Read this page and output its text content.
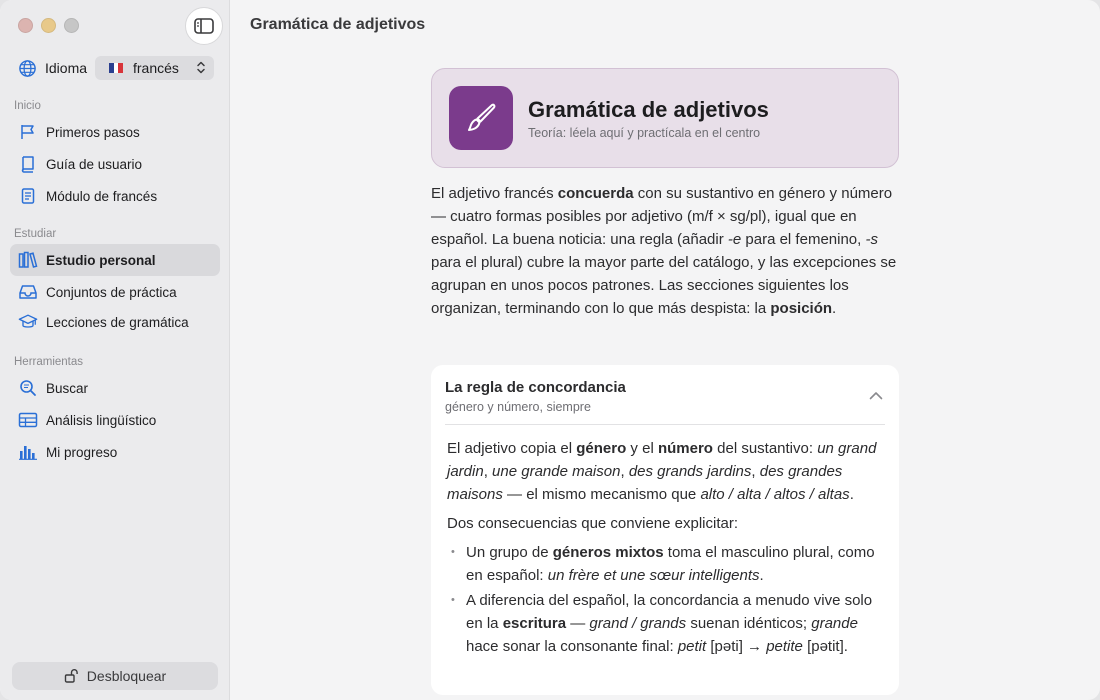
Idioma	francés
Inicio
Primeros pasos
Guía de usuario
Módulo de francés
Estudiar
Estudio personal
Conjuntos de práctica
Lecciones de gramática
Herramientas
Buscar
Análisis lingüístico
Mi progreso
Desbloquear
Gramática de adjetivos
Gramática de adjetivos
Teoría: léela aquí y practícala en el centro
El adjetivo francés concuerda con su sustantivo en género y número — cuatro formas posibles por adjetivo (m/f × sg/pl), igual que en español. La buena noticia: una regla (añadir -e para el femenino, -s para el plural) cubre la mayor parte del catálogo, y las excepciones se agrupan en unos pocos patrones. Las secciones siguientes los organizan, terminando con lo que más despista: la posición.
La regla de concordancia
género y número, siempre

El adjetivo copia el género y el número del sustantivo: un grand jardin, une grande maison, des grands jardins, des grandes maisons — el mismo mecanismo que alto / alta / altos / altas.

Dos consecuencias que conviene explicitar:

• Un grupo de géneros mixtos toma el masculino plural, como en español: un frère et une sœur intelligents.
• A diferencia del español, la concordancia a menudo vive solo en la escritura — grand / grands suenan idénticos; grande hace sonar la consonante final: petit [pəti] → petite [pətit].
